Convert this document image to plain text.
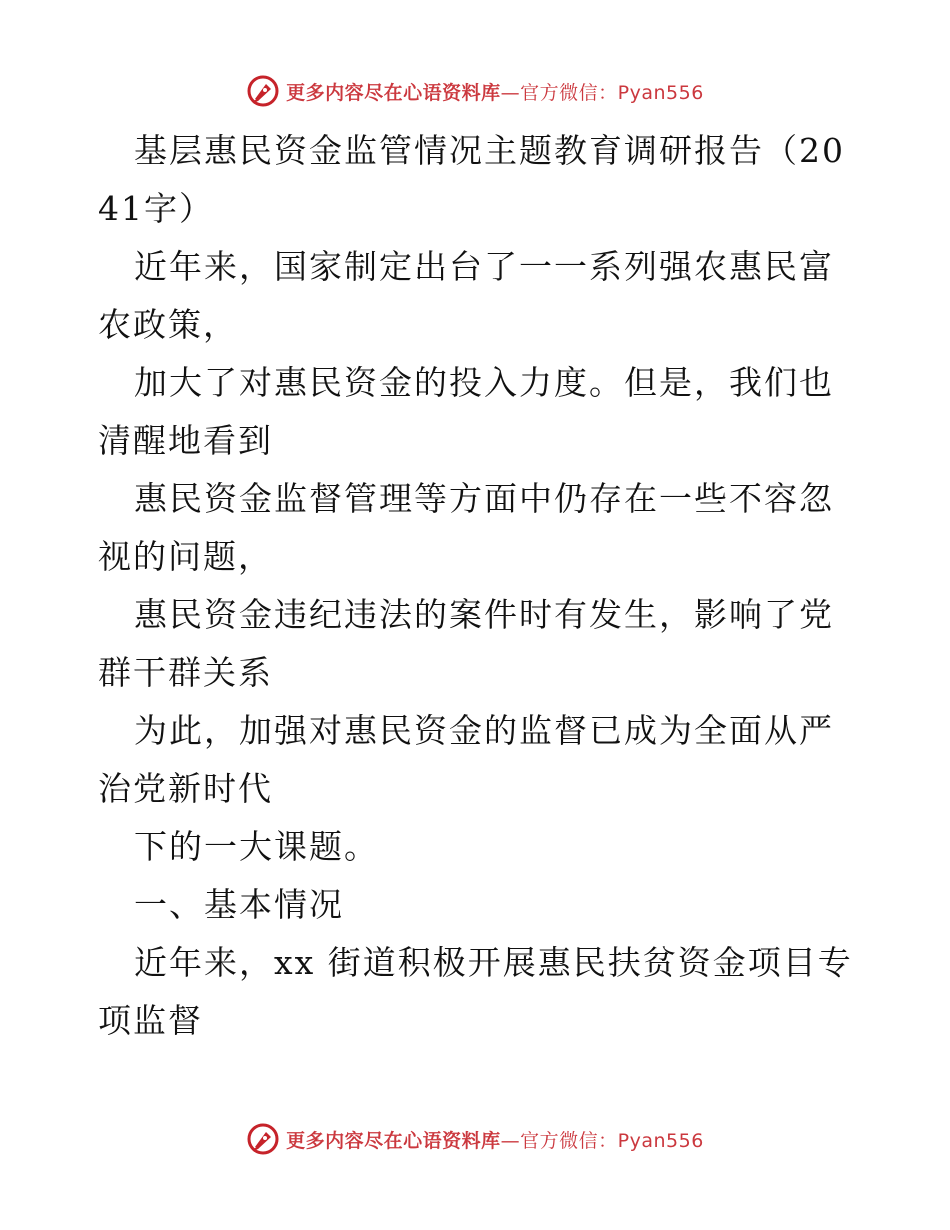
更多内容尽在心语资料库—官方微信：Pyan556

基层惠民资金监管情况主题教育调研报告（2041字）

近年来，国家制定出台了一一系列强农惠民富农政策，

加大了对惠民资金的投入力度。但是，我们也清醒地看到

惠民资金监督管理等方面中仍存在一些不容忽视的问题，

惠民资金违纪违法的案件时有发生，影响了党群干群关系

为此，加强对惠民资金的监督已成为全面从严治党新时代

下的一大课题。

一、基本情况

近年来，xx 街道积极开展惠民扶贫资金项目专项监督

更多内容尽在心语资料库—官方微信：Pyan556
